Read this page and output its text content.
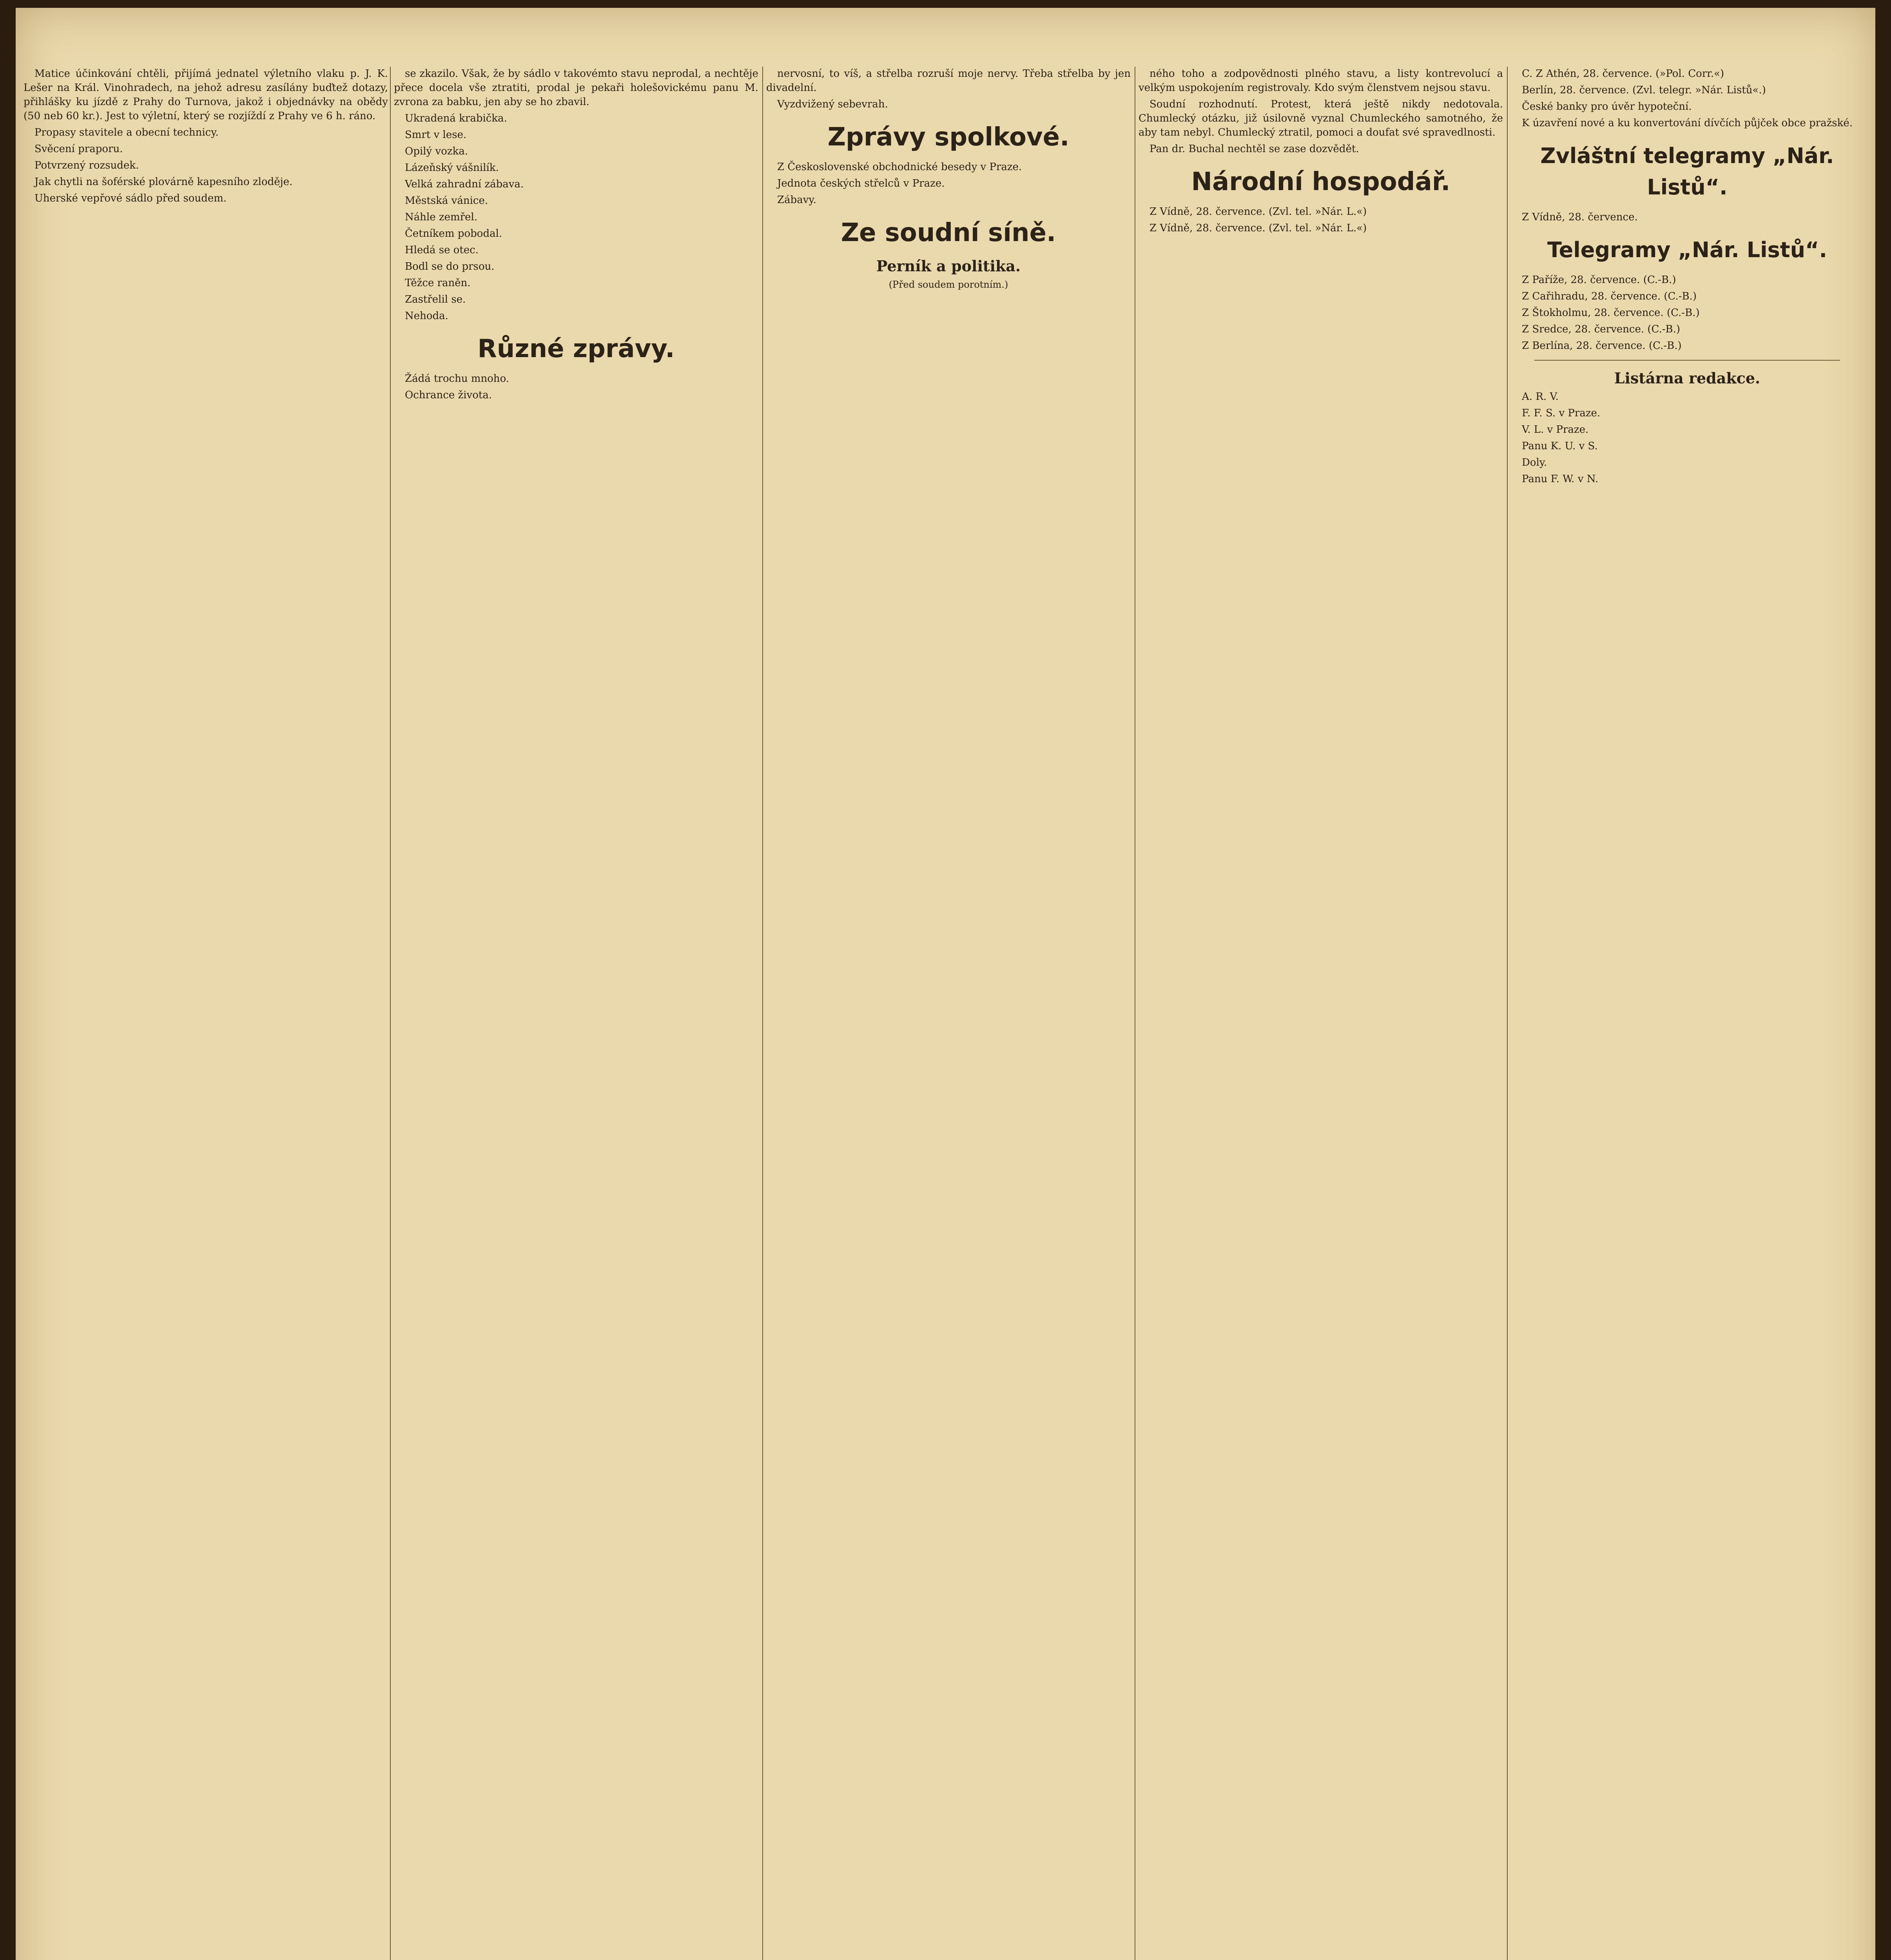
Matice účinkování chtěli, přijímá jednatel výletního vlaku p. J. K. Lešer na Král. Vinohradech, na jehož adresu zasílány buďtež dotazy, přihlášky ku jízdě z Prahy do Turnova, jakož i objednávky na obědy (50 neb 60 kr.). Jest to výletní, který se rozjíždí z Prahy ve 6 h. ráno.

Propasy stavitele a obecní technicy.

Svěcení praporu.

Potvrzený rozsudek.

Jak chytli na šoférské plovárně kapesního zloděje.

Uherské vepřové sádlo před soudem.

se zkazilo. Však, že by sádlo v takovémto stavu neprodal, a nechtěje přece docela vše ztratiti, prodal je pekaři holešovickému panu M. zvrona za babku, jen aby se ho zbavil.

Ukradená krabička.

Smrt v lese.

Opilý vozka.

Lázeňský vášnilík.

Velká zahradní zábava.

Městská vánice.

Náhle zemřel.

Četníkem pobodal.

Hledá se otec.

Bodl se do prsou.

Těžce raněn.

Zastřelil se.

Nehoda.

Různé zprávy.

Žádá trochu mnoho.

Ochrance života.

nervosní, to víš, a střelba rozruší moje nervy. Třeba střelba by jen divadelní.

Vyzdvižený sebevrah.

Zprávy spolkové.

Z Československé obchodnické besedy v Praze.

Jednota českých střelců v Praze.

Zábavy.

Ze soudní síně.
Perník a politika.
(Před soudem porotním.)

ného toho a zodpovědnosti plného stavu, a listy kontrevolucí a velkým uspokojením registrovaly. Kdo svým členstvem nejsou stavu.

Soudní rozhodnutí. Protest, která ještě nikdy nedotovala. Chumlecký otázku, již úsilovně vyznal Chumleckého samotného, že aby tam nebyl. Chumlecký ztratil, pomoci a doufat své spravedlnosti.

Pan dr. Buchal nechtěl se zase dozvědět.

Národní hospodář.

Z Vídně, 28. července. (Zvl. tel. »Nár. L.«)

Z Vídně, 28. července. (Zvl. tel. »Nár. L.«)

C. Z Athén, 28. července. (»Pol. Corr.«)

Berlín, 28. července. (Zvl. telegr. »Nár. Listů«.)

České banky pro úvěr hypoteční.

K úzavření nové a ku konvertování dívčích půjček obce pražské.

Zvláštní telegramy „Nár. Listů“.

Z Vídně, 28. července.

Telegramy „Nár. Listů“.

Z Paříže, 28. července. (C.-B.)

Z Cařihradu, 28. července. (C.-B.)

Z Štokholmu, 28. července. (C.-B.)

Z Sredce, 28. července. (C.-B.)

Z Berlína, 28. července. (C.-B.)

Listárna redakce.

A. R. V.

F. F. S. v Praze.

V. L. v Praze.

Panu K. U. v S.

Doly.

Panu F. W. v N.
